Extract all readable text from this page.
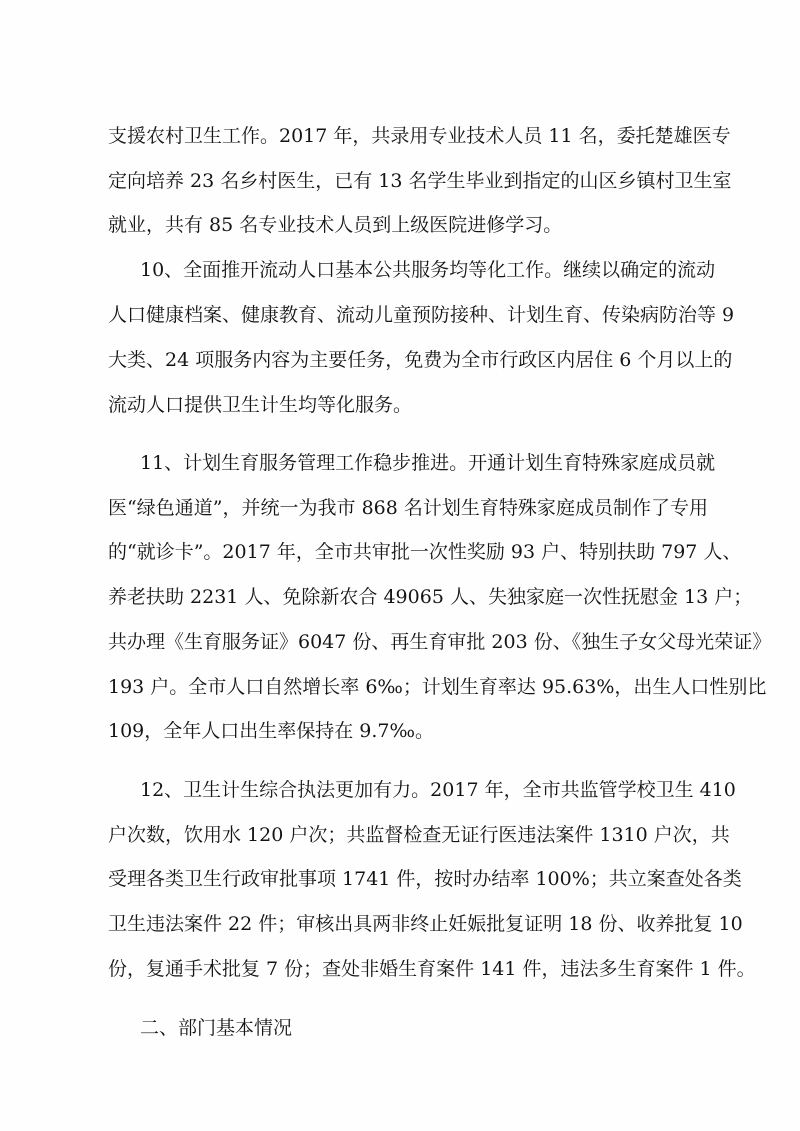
支援农村卫生工作。2017 年，共录用专业技术人员 11 名，委托楚雄医专
定向培养 23 名乡村医生，已有 13 名学生毕业到指定的山区乡镇村卫生室
就业，共有 85 名专业技术人员到上级医院进修学习。
10、全面推开流动人口基本公共服务均等化工作。继续以确定的流动
人口健康档案、健康教育、流动儿童预防接种、计划生育、传染病防治等 9
大类、24 项服务内容为主要任务，免费为全市行政区内居住 6 个月以上的
流动人口提供卫生计生均等化服务。
11、计划生育服务管理工作稳步推进。开通计划生育特殊家庭成员就
医“绿色通道”，并统一为我市 868 名计划生育特殊家庭成员制作了专用
的“就诊卡”。2017 年，全市共审批一次性奖励 93 户、特别扶助 797 人、
养老扶助 2231 人、免除新农合 49065 人、失独家庭一次性抚慰金 13 户；
共办理《生育服务证》6047 份、再生育审批 203 份、《独生子女父母光荣证》
193 户。全市人口自然增长率 6‰；计划生育率达 95.63%，出生人口性别比
109，全年人口出生率保持在 9.7‰。
12、卫生计生综合执法更加有力。2017 年，全市共监管学校卫生 410
户次数，饮用水 120 户次；共监督检查无证行医违法案件 1310 户次，共
受理各类卫生行政审批事项 1741 件，按时办结率 100%；共立案查处各类
卫生违法案件 22 件；审核出具两非终止妊娠批复证明 18 份、收养批复 10
份，复通手术批复 7 份；查处非婚生育案件 141 件，违法多生育案件 1 件。
二、部门基本情况
